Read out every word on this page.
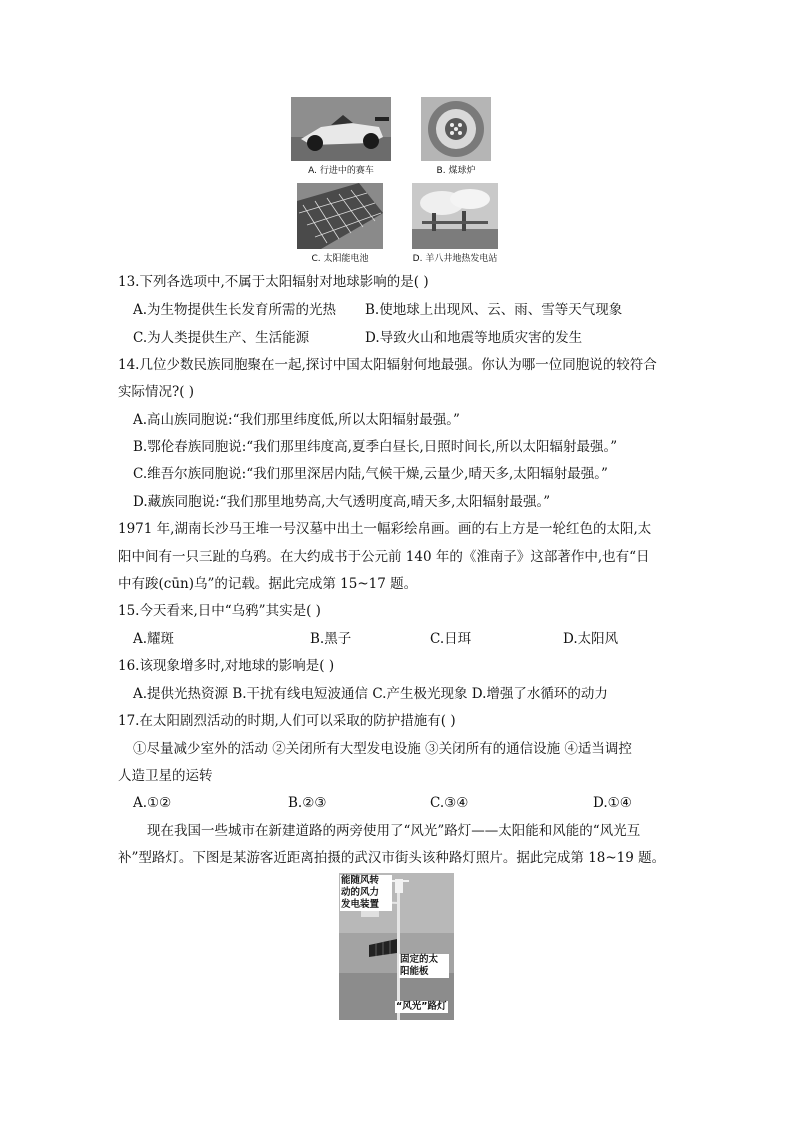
A. 行进中的赛车	B. 煤球炉
C. 太阳能电池	D. 羊八井地热发电站
13.下列各选项中,不属于太阳辐射对地球影响的是( )
A.为生物提供生长发育所需的光热 B.使地球上出现风、云、雨、雪等天气现象
C.为人类提供生产、生活能源	D.导致火山和地震等地质灾害的发生
14.几位少数民族同胞聚在一起,探讨中国太阳辐射何地最强。你认为哪一位同胞说的较符合
实际情况?( )
A.高山族同胞说:“我们那里纬度低,所以太阳辐射最强。”
B.鄂伦春族同胞说:“我们那里纬度高,夏季白昼长,日照时间长,所以太阳辐射最强。”
C.维吾尔族同胞说:“我们那里深居内陆,气候干燥,云量少,晴天多,太阳辐射最强。”
D.藏族同胞说:“我们那里地势高,大气透明度高,晴天多,太阳辐射最强。”
1971 年,湖南长沙马王堆一号汉墓中出土一幅彩绘帛画。画的右上方是一轮红色的太阳,太
阳中间有一只三趾的乌鸦。在大约成书于公元前 140 年的《淮南子》这部著作中,也有“日
中有踆(cūn)乌”的记载。据此完成第 15~17 题。
15.今天看来,日中“乌鸦”其实是( )
A.耀斑	B.黑子	C.日珥	D.太阳风
16.该现象增多时,对地球的影响是( )
A.提供光热资源 B.干扰有线电短波通信 C.产生极光现象 D.增强了水循环的动力
17.在太阳剧烈活动的时期,人们可以采取的防护措施有( )
①尽量减少室外的活动 ②关闭所有大型发电设施 ③关闭所有的通信设施 ④适当调控
人造卫星的运转
A.①②	B.②③	C.③④	D.①④
现在我国一些城市在新建道路的两旁使用了“风光”路灯——太阳能和风能的“风光互
补”型路灯。下图是某游客近距离拍摄的武汉市街头该种路灯照片。据此完成第 18~19 题。
能随风转
动的风力
发电装置
固定的太
阳能板
“风光”路灯
